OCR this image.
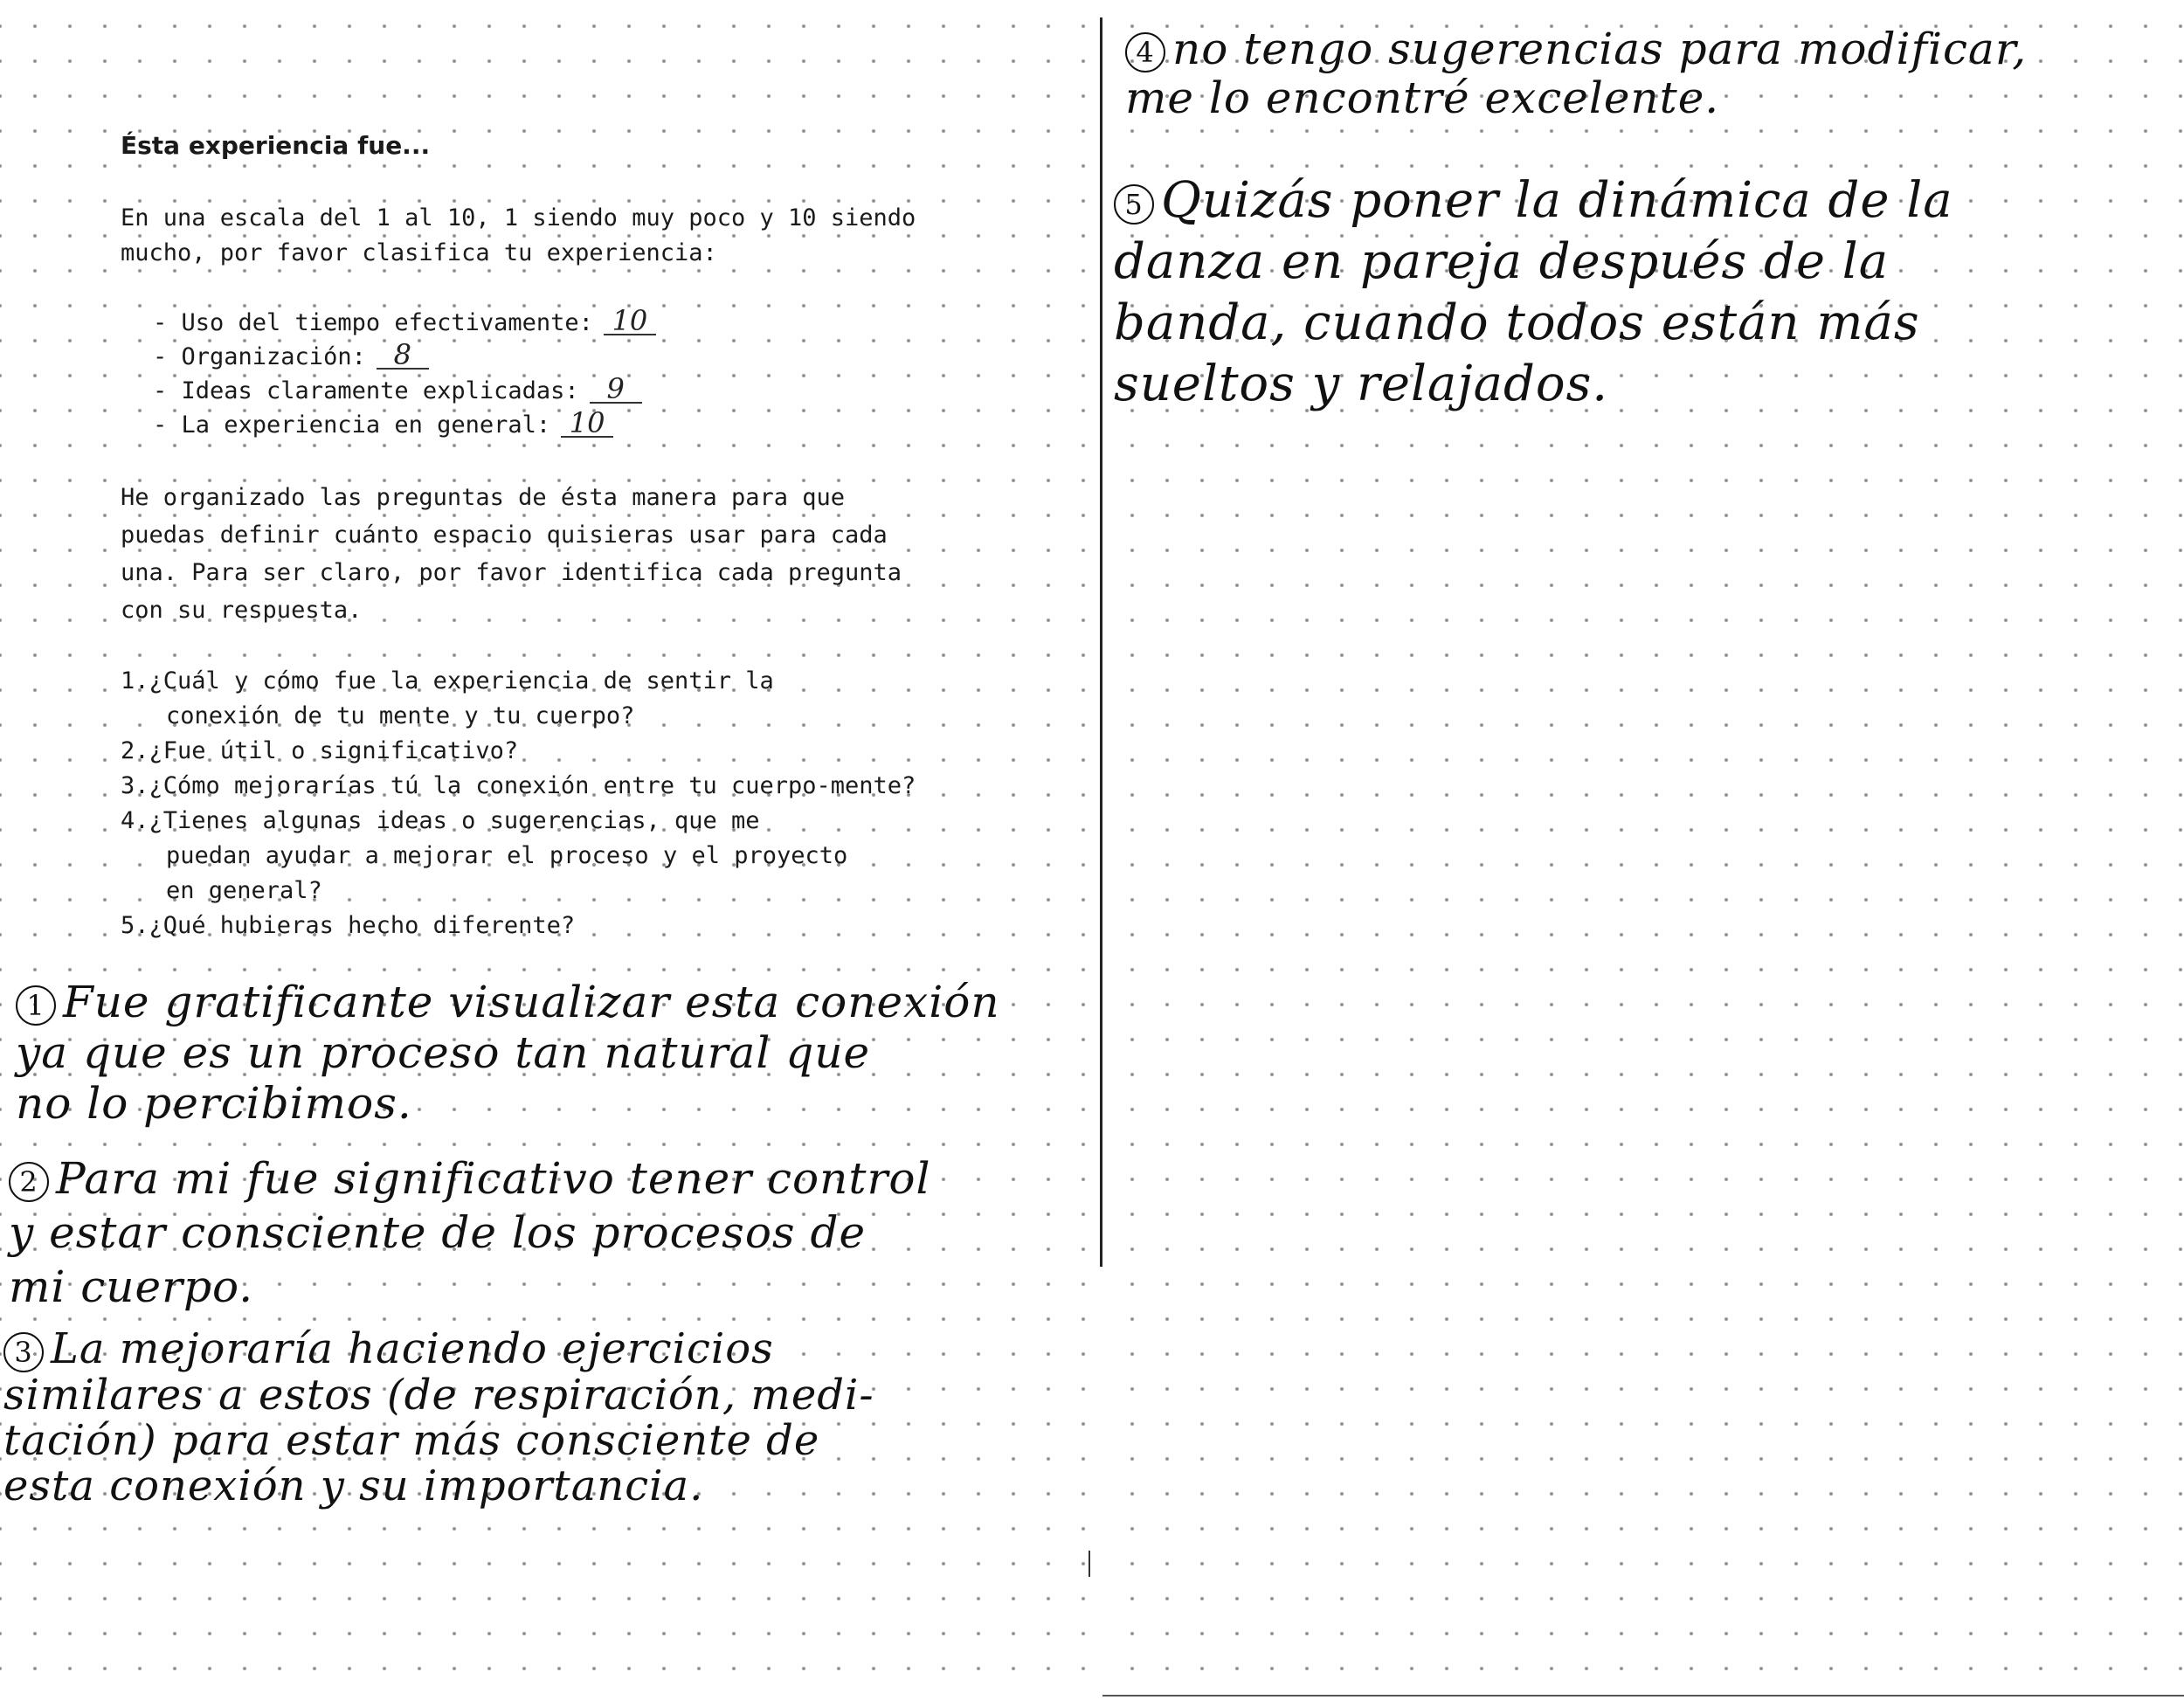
Ésta experiencia fue...

En una escala del 1 al 10, 1 siendo muy poco y 10 siendo
mucho, por favor clasifica tu experiencia:

- Uso del tiempo efectivamente: 10
- Organización: 8
- Ideas claramente explicadas: 9
- La experiencia en general: 10

He organizado las preguntas de ésta manera para que
puedas definir cuánto espacio quisieras usar para cada
una. Para ser claro, por favor identifica cada pregunta
con su respuesta.

1.¿Cuál y cómo fue la experiencia de sentir la
conexión de tu mente y tu cuerpo?
2.¿Fue útil o significativo?
3.¿Cómo mejorarías tú la conexión entre tu cuerpo-mente?
4.¿Tienes algunas ideas o sugerencias, que me
puedan ayudar a mejorar el proceso y el proyecto
en general?
5.¿Qué hubieras hecho diferente?
1 Fue gratificante visualizar esta conexión
ya que es un proceso tan natural que
no lo percibimos.
2 Para mi fue significativo tener control
y estar consciente de los procesos de
mi cuerpo.
3 La mejoraría haciendo ejercicios
similares a estos (de respiración, medi-
tación) para estar más consciente de
esta conexión y su importancia.
4 no tengo sugerencias para modificar,
me lo encontré excelente.
5 Quizás poner la dinámica de la
danza en pareja después de la
banda, cuando todos están más
sueltos y relajados.
